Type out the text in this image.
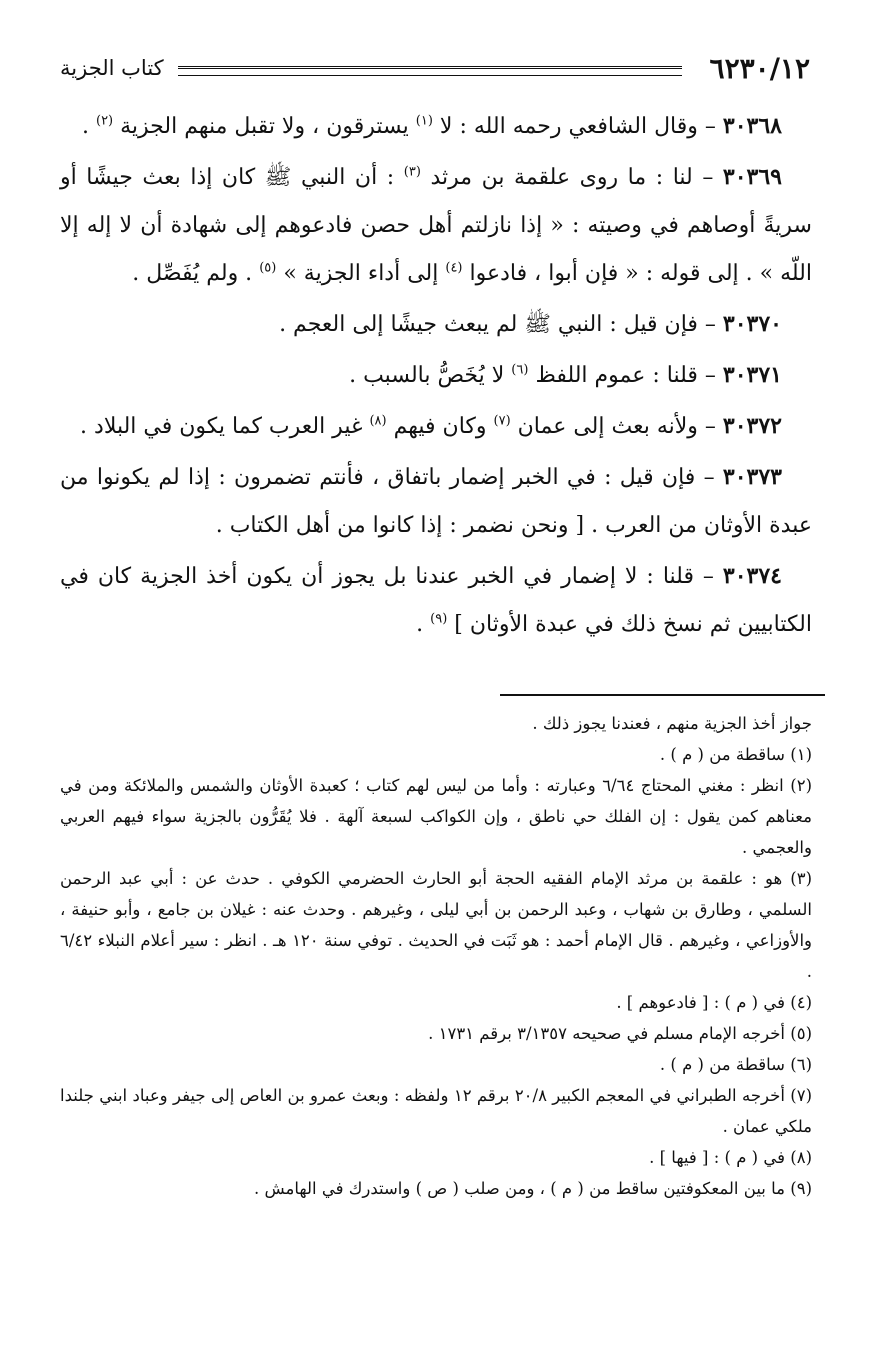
٦٢٣٠/١٢
كتاب الجزية

٣٠٣٦٨ – وقال الشافعي رحمه الله : لا $^{(١)}$ يسترقون ، ولا تقبل منهم الجزية $^{(٢)}$ .

٣٠٣٦٩ – لنا : ما روى علقمة بن مرثد $^{(٣)}$ : أن النبي ﷺ كان إذا بعث جيشًا أو سريةً أوصاهم في وصيته : « إذا نازلتم أهل حصن فادعوهم إلى شهادة أن لا إله إلا اللّه » . إلى قوله : « فإن أبوا ، فادعوا $^{(٤)}$ إلى أداء الجزية » $^{(٥)}$ . ولم يُفَصِّل .

٣٠٣٧٠ – فإن قيل : النبي ﷺ لم يبعث جيشًا إلى العجم .

٣٠٣٧١ – قلنا : عموم اللفظ $^{(٦)}$ لا يُخَصُّ بالسبب .

٣٠٣٧٢ – ولأنه بعث إلى عمان $^{(٧)}$ وكان فيهم $^{(٨)}$ غير العرب كما يكون في البلاد .

٣٠٣٧٣ – فإن قيل : في الخبر إضمار باتفاق ، فأنتم تضمرون : إذا لم يكونوا من عبدة الأوثان من العرب . [ ونحن نضمر : إذا كانوا من أهل الكتاب .

٣٠٣٧٤ – قلنا : لا إضمار في الخبر عندنا بل يجوز أن يكون أخذ الجزية كان في الكتابيين ثم نسخ ذلك في عبدة الأوثان ] $^{(٩)}$ .

جواز أخذ الجزية منهم ، فعندنا يجوز ذلك .

(١) ساقطة من ( م ) .

(٢) انظر : مغني المحتاج ٦/٦٤ وعبارته : وأما من ليس لهم كتاب ؛ كعبدة الأوثان والشمس والملائكة ومن في معناهم كمن يقول : إن الفلك حي ناطق ، وإن الكواكب لسبعة آلهة . فلا يُقَرُّون بالجزية سواء فيهم العربي والعجمي .

(٣) هو : علقمة بن مرثد الإمام الفقيه الحجة أبو الحارث الحضرمي الكوفي . حدث عن : أبي عبد الرحمن السلمي ، وطارق بن شهاب ، وعبد الرحمن بن أبي ليلى ، وغيرهم . وحدث عنه : غيلان بن جامع ، وأبو حنيفة ، والأوزاعي ، وغيرهم . قال الإمام أحمد : هو ثَبَت في الحديث . توفي سنة ١٢٠ هـ . انظر : سير أعلام النبلاء ٦/٤٢ .

(٤) في ( م ) : [ فادعوهم ] .

(٥) أخرجه الإمام مسلم في صحيحه ٣/١٣٥٧ برقم ١٧٣١ .

(٦) ساقطة من ( م ) .

(٧) أخرجه الطبراني في المعجم الكبير ٢٠/٨ برقم ١٢ ولفظه : وبعث عمرو بن العاص إلى جيفر وعباد ابني جلندا ملكي عمان .

(٨) في ( م ) : [ فيها ] .

(٩) ما بين المعكوفتين ساقط من ( م ) ، ومن صلب ( ص ) واستدرك في الهامش .
